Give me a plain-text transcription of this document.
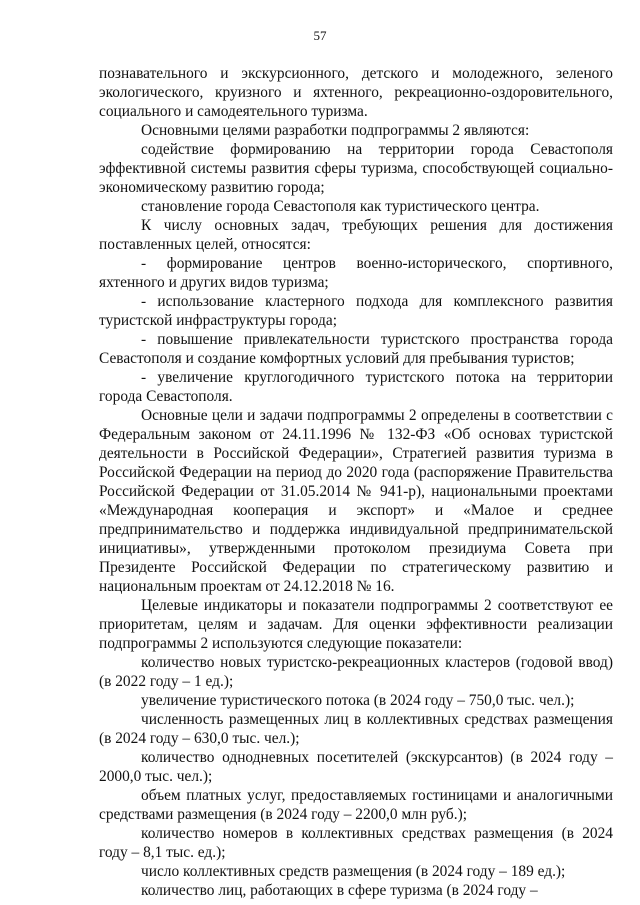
57

познавательного и экскурсионного, детского и молодежного, зеленого экологического, круизного и яхтенного, рекреационно-оздоровительного, социального и самодеятельного туризма.

Основными целями разработки подпрограммы 2 являются:

содействие формированию на территории города Севастополя эффективной системы развития сферы туризма, способствующей социально-экономическому развитию города;

становление города Севастополя как туристического центра.

К числу основных задач, требующих решения для достижения поставленных целей, относятся:

- формирование центров военно-исторического, спортивного, яхтенного и других видов туризма;

- использование кластерного подхода для комплексного развития туристской инфраструктуры города;

- повышение привлекательности туристского пространства города Севастополя и создание комфортных условий для пребывания туристов;

- увеличение круглогодичного туристского потока на территории города Севастополя.

Основные цели и задачи подпрограммы 2 определены в соответствии с Федеральным законом от 24.11.1996 № 132-ФЗ «Об основах туристской деятельности в Российской Федерации», Стратегией развития туризма в Российской Федерации на период до 2020 года (распоряжение Правительства Российской Федерации от 31.05.2014 № 941-р), национальными проектами «Международная кооперация и экспорт» и «Малое и среднее предпринимательство и поддержка индивидуальной предпринимательской инициативы», утвержденными протоколом президиума Совета при Президенте Российской Федерации по стратегическому развитию и национальным проектам от 24.12.2018 № 16.

Целевые индикаторы и показатели подпрограммы 2 соответствуют ее приоритетам, целям и задачам. Для оценки эффективности реализации подпрограммы 2 используются следующие показатели:

количество новых туристско-рекреационных кластеров (годовой ввод) (в 2022 году – 1 ед.);

увеличение туристического потока (в 2024 году – 750,0 тыс. чел.);

численность размещенных лиц в коллективных средствах размещения (в 2024 году – 630,0 тыс. чел.);

количество однодневных посетителей (экскурсантов) (в 2024 году – 2000,0 тыс. чел.);

объем платных услуг, предоставляемых гостиницами и аналогичными средствами размещения (в 2024 году – 2200,0 млн руб.);

количество номеров в коллективных средствах размещения (в 2024 году – 8,1 тыс. ед.);

число коллективных средств размещения (в 2024 году – 189 ед.);

количество лиц, работающих в сфере туризма (в 2024 году –
